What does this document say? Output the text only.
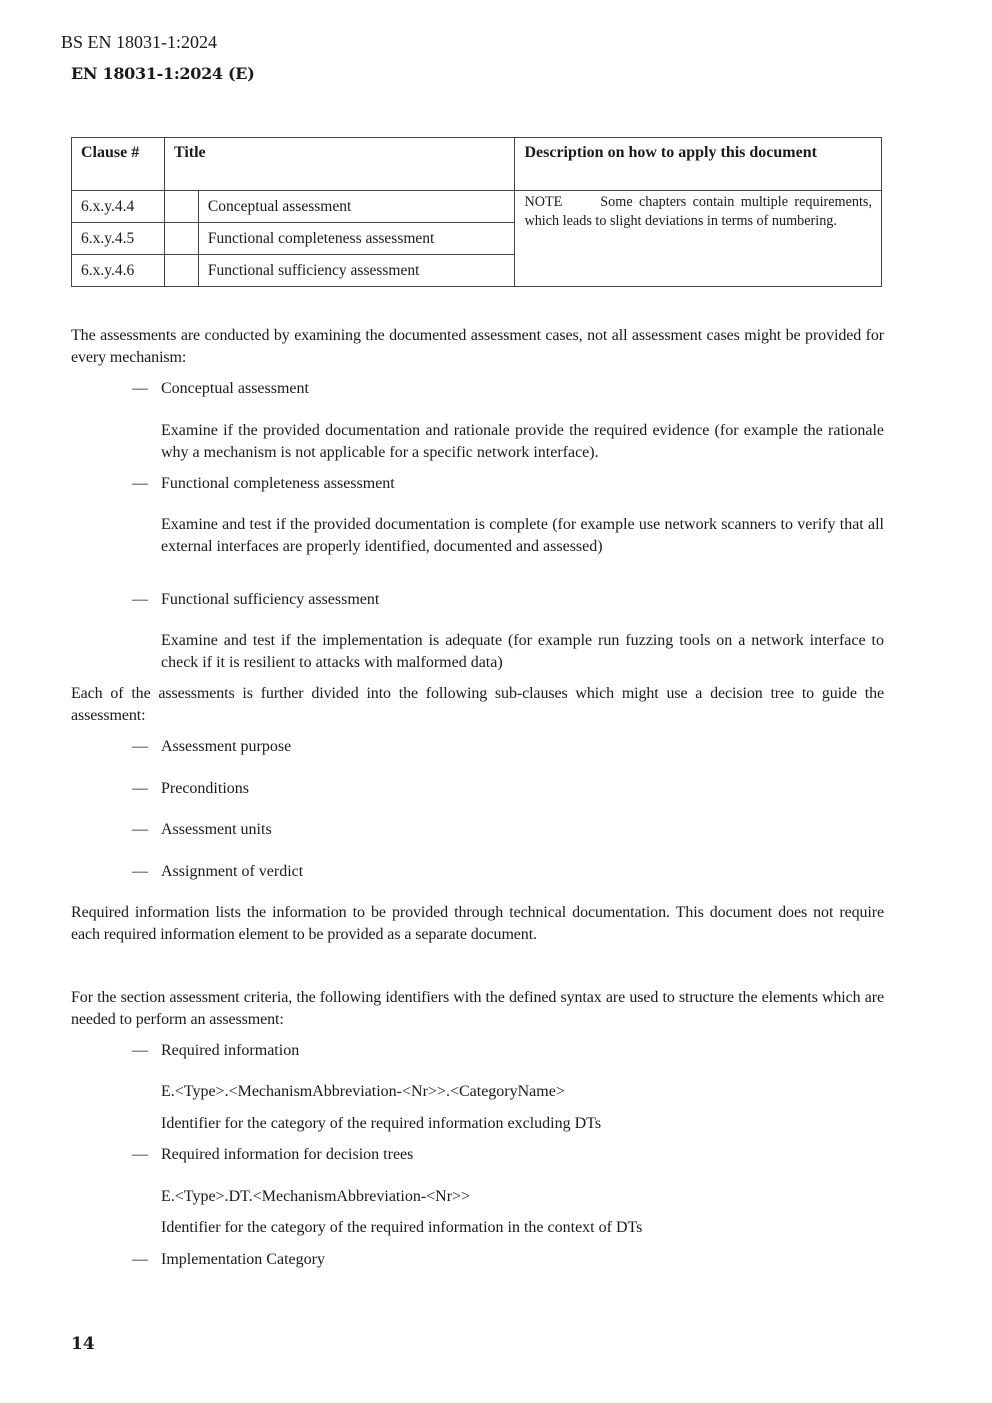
BS EN 18031-1:2024
EN 18031-1:2024 (E)
Clause #	Title		Description on how to apply this document
6.x.y.4.4		Conceptual assessment	NOTE Some chapters contain multiple requirements, which leads to slight deviations in terms of numbering.
6.x.y.4.5		Functional completeness assessment	
6.x.y.4.6		Functional sufficiency assessment	
The assessments are conducted by examining the documented assessment cases, not all assessment cases might be provided for every mechanism:
— Conceptual assessment
Examine if the provided documentation and rationale provide the required evidence (for example the rationale why a mechanism is not applicable for a specific network interface).
— Functional completeness assessment
Examine and test if the provided documentation is complete (for example use network scanners to verify that all external interfaces are properly identified, documented and assessed)
— Functional sufficiency assessment
Examine and test if the implementation is adequate (for example run fuzzing tools on a network interface to check if it is resilient to attacks with malformed data)
Each of the assessments is further divided into the following sub-clauses which might use a decision tree to guide the assessment:
— Assessment purpose
— Preconditions
— Assessment units
— Assignment of verdict
Required information lists the information to be provided through technical documentation. This document does not require each required information element to be provided as a separate document.
For the section assessment criteria, the following identifiers with the defined syntax are used to structure the elements which are needed to perform an assessment:
— Required information
E.<Type>.<MechanismAbbreviation-<Nr>>.<CategoryName>
Identifier for the category of the required information excluding DTs
— Required information for decision trees
E.<Type>.DT.<MechanismAbbreviation-<Nr>>
Identifier for the category of the required information in the context of DTs
— Implementation Category
14
